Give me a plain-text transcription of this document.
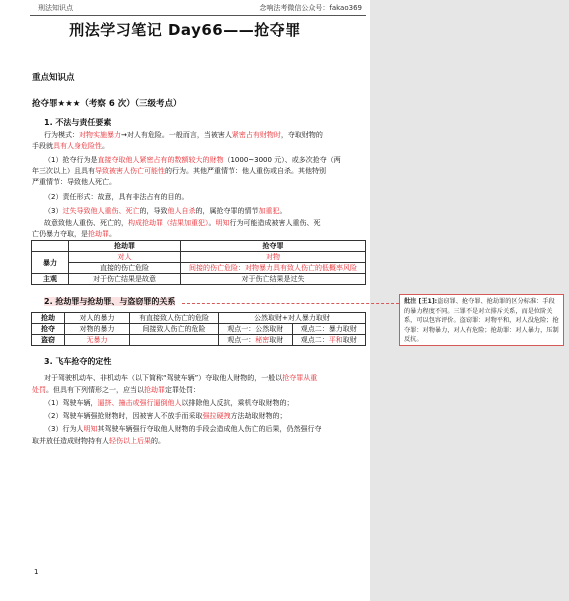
刑法知识点	念响法考微信公众号：fakao369
刑法学习笔记 Day66——抢夺罪
重点知识点
抢夺罪★★★（考察 6 次）（三级考点）
1. 不法与责任要素
行为模式：对物实施暴力→对人有危险。一般而言，当被害人紧密占有财物时，夺取财物的
手段就具有人身危险性。
（1）抢夺行为是直接夺取他人紧密占有的数额较大的财物（1000~3000 元）、或多次抢夺（两
年三次以上）且具有导致被害人伤亡可能性的行为。其他严重情节：他人重伤或自杀。其他特别
严重情节：导致他人死亡。
（2）责任形式：故意，具有非法占有的目的。
（3）过失导致他人重伤、死亡的，导致他人自杀的，属抢夺罪的情节加重犯。
故意致他人重伤、死亡的，构成抢劫罪（结果加重犯）。明知行为可能造成被害人重伤、死
亡仍暴力夺取，是抢劫罪。
	抢劫罪	抢夺罪
暴力	对人	对物
	直接的伤亡危险	间接的伤亡危险：对物暴力具有致人伤亡的低概率风险
主观	对于伤亡结果是故意	对于伤亡结果是过失
2. 抢劫罪与抢劫罪、与盗窃罪的关系
抢劫	对人的暴力	有直接致人伤亡的危险	公然取财+对人暴力取财	
抢夺	对物的暴力	间接致人伤亡的危险	观点一：公然取财	观点二：暴力取财
盗窃	无暴力		观点一：秘密取财	观点二：平和取财
3. 飞车抢夺的定性
对于驾驶机动车、非机动车（以下简称“驾驶车辆”）夺取他人财物的，一般以抢夺罪从重
处罚。但具有下列情形之一，应当以抢劫罪定罪处罚：
（1）驾驶车辆，逼挤、撞击或强行逼倒他人以排除他人反抗，乘机夺取财物的；
（2）驾驶车辆强抢财物时，因被害人不放手而采取强拉硬拽方法劫取财物的；
（3）行为人明知其驾驶车辆强行夺取他人财物的手段会造成他人伤亡的后果，仍然强行夺
取并放任造成财物持有人轻伤以上后果的。
1
批注 [王1]:盗窃罪、抢夺罪、抢劫罪的区分标准：手段的暴力程度不同。三罪不是对立排斥关系，而是位阶关系，可以包容评价。盗窃罪：对物平和，对人没危险；抢夺罪：对物暴力，对人有危险；抢劫罪：对人暴力，压制反抗。
